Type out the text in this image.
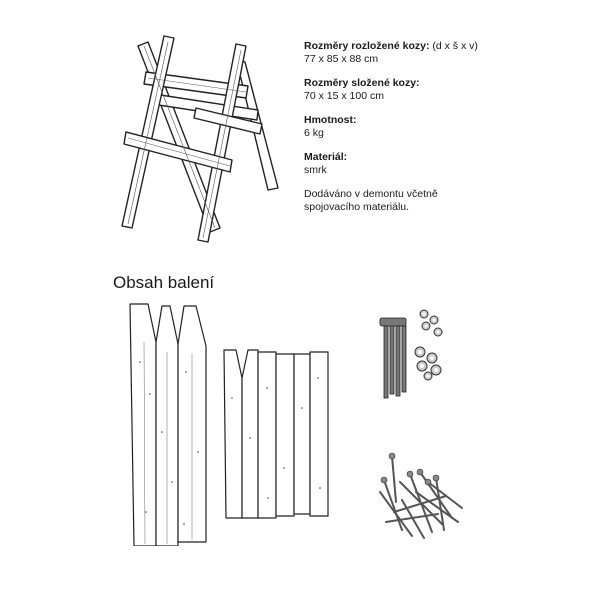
Rozměry rozložené kozy: (d x š x v)
77 x 85 x 88 cm
Rozměry složené kozy:
70 x 15 x 100 cm
Hmotnost:
6 kg
Materiál:
smrk
Dodáváno v demontu včetně
spojovacího materiálu.
Obsah balení
